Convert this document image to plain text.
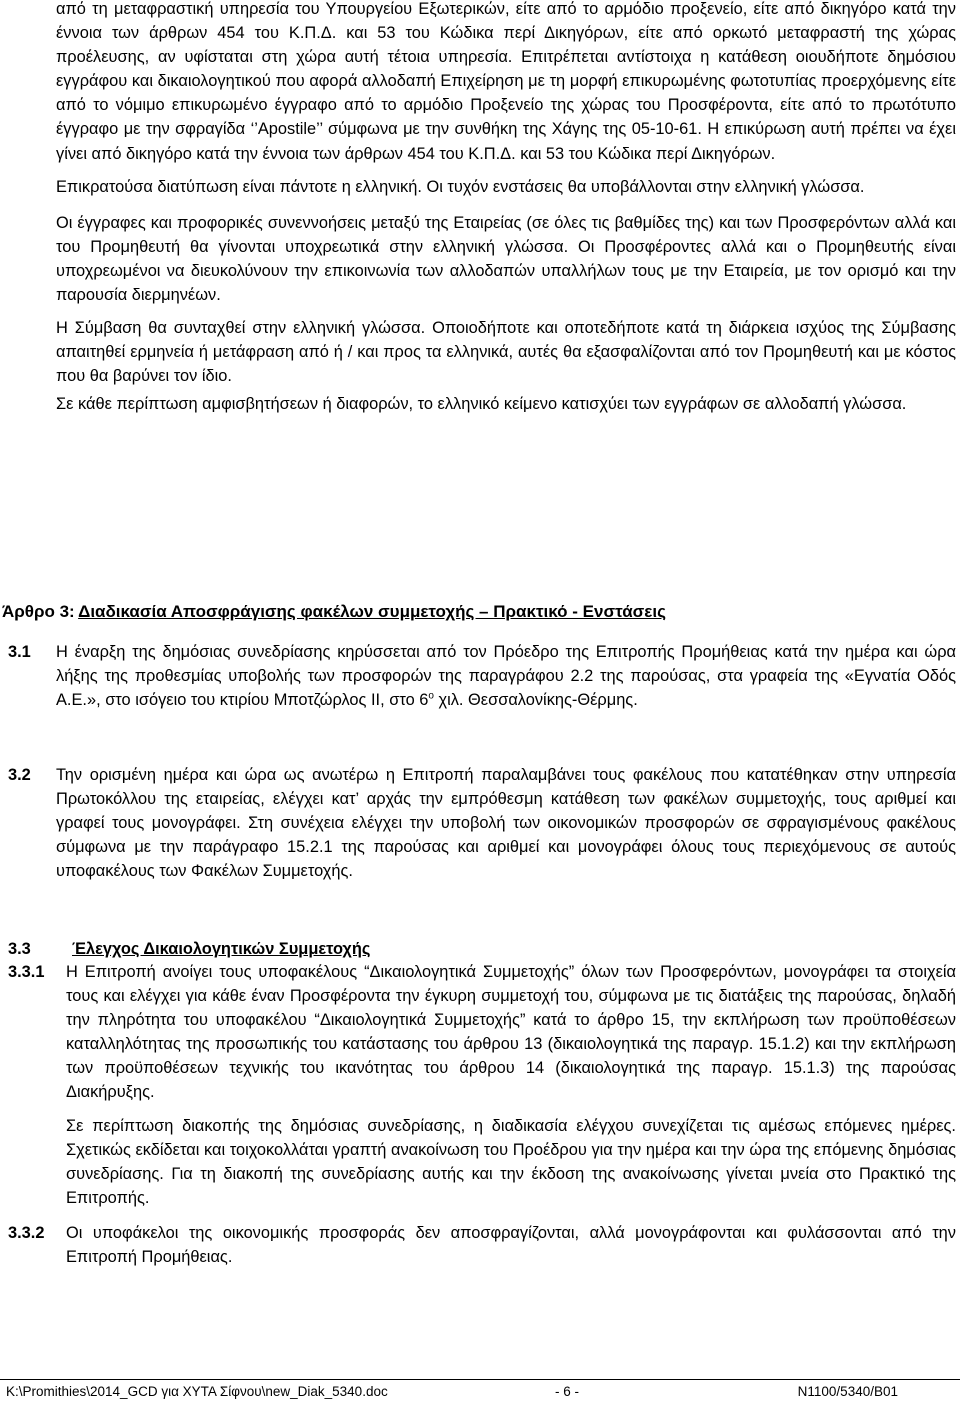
από τη μεταφραστική υπηρεσία του Υπουργείου Εξωτερικών, είτε από το αρμόδιο προξενείο, είτε από δικηγόρο κατά την έννοια των άρθρων 454 του Κ.Π.Δ. και 53 του Κώδικα περί Δικηγόρων, είτε από ορκωτό μεταφραστή της χώρας προέλευσης, αν υφίσταται στη χώρα αυτή τέτοια υπηρεσία. Επιτρέπεται αντίστοιχα η κατάθεση οιουδήποτε δημόσιου εγγράφου και δικαιολογητικού που αφορά αλλοδαπή Επιχείρηση με τη μορφή επικυρωμένης φωτοτυπίας προερχόμενης είτε από το νόμιμο επικυρωμένο έγγραφο από το αρμόδιο Προξενείο της χώρας του Προσφέροντα, είτε από το πρωτότυπο έγγραφο με την σφραγίδα ‘’Apostile’’ σύμφωνα με την συνθήκη της Χάγης της 05-10-61. Η επικύρωση αυτή πρέπει να έχει γίνει από δικηγόρο κατά την έννοια των άρθρων 454 του Κ.Π.Δ. και 53 του Κώδικα περί Δικηγόρων.

Επικρατούσα διατύπωση είναι πάντοτε η ελληνική. Οι τυχόν ενστάσεις θα υποβάλλονται στην ελληνική γλώσσα.

Οι έγγραφες και προφορικές συνεννοήσεις μεταξύ της Εταιρείας (σε όλες τις βαθμίδες της) και των Προσφερόντων αλλά και του Προμηθευτή θα γίνονται υποχρεωτικά στην ελληνική γλώσσα. Οι Προσφέροντες αλλά και ο Προμηθευτής είναι υποχρεωμένοι να διευκολύνουν την επικοινωνία των αλλοδαπών υπαλλήλων τους με την Εταιρεία, με τον ορισμό και την παρουσία διερμηνέων.

Η Σύμβαση θα συνταχθεί στην ελληνική γλώσσα. Οποιοδήποτε και οποτεδήποτε κατά τη διάρκεια ισχύος της Σύμβασης απαιτηθεί ερμηνεία ή μετάφραση από ή / και προς τα ελληνικά, αυτές θα εξασφαλίζονται από τον Προμηθευτή και με κόστος που θα βαρύνει τον ίδιο.

Σε κάθε περίπτωση αμφισβητήσεων ή διαφορών, το ελληνικό κείμενο κατισχύει των εγγράφων σε αλλοδαπή γλώσσα.

Άρθρο 3: Διαδικασία Αποσφράγισης φακέλων συμμετοχής – Πρακτικό - Ενστάσεις
3.1 Η έναρξη της δημόσιας συνεδρίασης κηρύσσεται από τον Πρόεδρο της Επιτροπής Προμήθειας κατά την ημέρα και ώρα λήξης της προθεσμίας υποβολής των προσφορών της παραγράφου 2.2 της παρούσας, στα γραφεία της «Εγνατία Οδός Α.Ε.», στο ισόγειο του κτιρίου Μποτζώρλος ΙΙ, στο $6^o$ χιλ. Θεσσαλονίκης-Θέρμης.

3.2 Την ορισμένη ημέρα και ώρα ως ανωτέρω η Επιτροπή παραλαμβάνει τους φακέλους που κατατέθηκαν στην υπηρεσία Πρωτοκόλλου της εταιρείας, ελέγχει κατ’ αρχάς την εμπρόθεσμη κατάθεση των φακέλων συμμετοχής, τους αριθμεί και γραφεί τους μονογράφει. Στη συνέχεια ελέγχει την υποβολή των οικονομικών προσφορών σε σφραγισμένους φακέλους σύμφωνα με την παράγραφο 15.2.1 της παρούσας και αριθμεί και μονογράφει όλους τους περιεχόμενους σε αυτούς υποφακέλους των Φακέλων Συμμετοχής.

3.3	Έλεγχος Δικαιολογητικών Συμμετοχής
3.3.1 Η Επιτροπή ανοίγει τους υποφακέλους “Δικαιολογητικά Συμμετοχής” όλων των Προσφερόντων, μονογράφει τα στοιχεία τους και ελέγχει για κάθε έναν Προσφέροντα την έγκυρη συμμετοχή του, σύμφωνα με τις διατάξεις της παρούσας, δηλαδή την πληρότητα του υποφακέλου “Δικαιολογητικά Συμμετοχής” κατά το άρθρο 15, την εκπλήρωση των προϋποθέσεων καταλληλότητας της προσωπικής του κατάστασης του άρθρου 13 (δικαιολογητικά της παραγρ. 15.1.2) και την εκπλήρωση των προϋποθέσεων τεχνικής του ικανότητας του άρθρου 14 (δικαιολογητικά της παραγρ. 15.1.3) της παρούσας Διακήρυξης.

Σε περίπτωση διακοπής της δημόσιας συνεδρίασης, η διαδικασία ελέγχου συνεχίζεται τις αμέσως επόμενες ημέρες. Σχετικώς εκδίδεται και τοιχοκολλάται γραπτή ανακοίνωση του Προέδρου για την ημέρα και την ώρα της επόμενης δημόσιας συνεδρίασης. Για τη διακοπή της συνεδρίασης αυτής και την έκδοση της ανακοίνωσης γίνεται μνεία στο Πρακτικό της Επιτροπής.

3.3.2 Οι υποφάκελοι της οικονομικής προσφοράς δεν αποσφραγίζονται, αλλά μονογράφονται και φυλάσσονται από την Επιτροπή Προμήθειας.

K:\Promithies\2014_GCD για ΧΥΤΑ Σίφνου\new_Diak_5340.doc	- 6 -	N1100/5340/B01
